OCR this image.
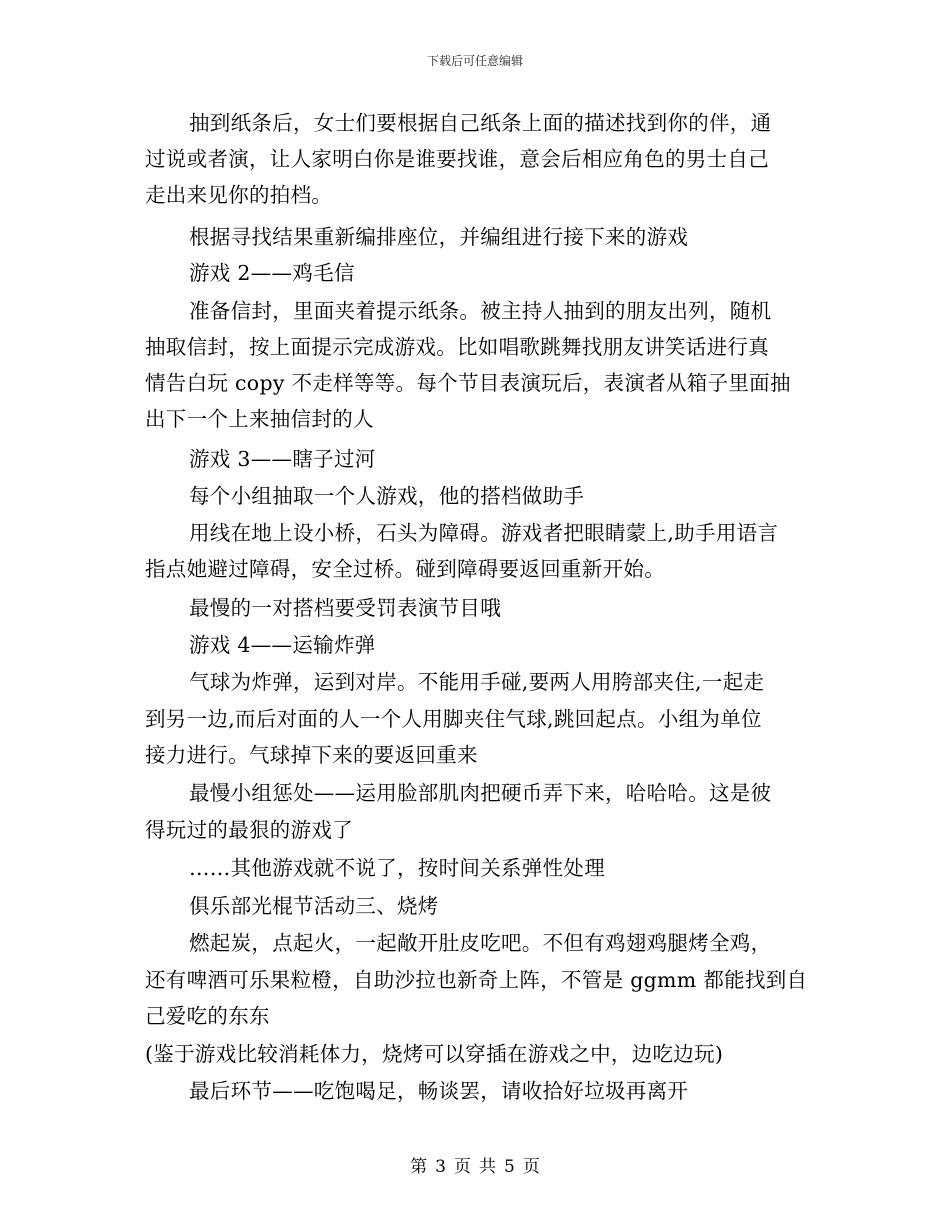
下载后可任意编辑
抽到纸条后，女士们要根据自己纸条上面的描述找到你的伴，通
过说或者演，让人家明白你是谁要找谁，意会后相应角色的男士自己
走出来见你的拍档。
根据寻找结果重新编排座位，并编组进行接下来的游戏
游戏 2——鸡毛信
准备信封，里面夹着提示纸条。被主持人抽到的朋友出列，随机
抽取信封，按上面提示完成游戏。比如唱歌跳舞找朋友讲笑话进行真
情告白玩 copy 不走样等等。每个节目表演玩后，表演者从箱子里面抽
出下一个上来抽信封的人
游戏 3——瞎子过河
每个小组抽取一个人游戏，他的搭档做助手
用线在地上设小桥，石头为障碍。游戏者把眼睛蒙上,助手用语言
指点她避过障碍，安全过桥。碰到障碍要返回重新开始。
最慢的一对搭档要受罚表演节目哦
游戏 4——运输炸弹
气球为炸弹，运到对岸。不能用手碰,要两人用胯部夹住,一起走
到另一边,而后对面的人一个人用脚夹住气球,跳回起点。小组为单位
接力进行。气球掉下来的要返回重来
最慢小组惩处——运用脸部肌肉把硬币弄下来，哈哈哈。这是彼
得玩过的最狠的游戏了
……其他游戏就不说了，按时间关系弹性处理
俱乐部光棍节活动三、烧烤
燃起炭，点起火，一起敞开肚皮吃吧。不但有鸡翅鸡腿烤全鸡，
还有啤酒可乐果粒橙，自助沙拉也新奇上阵，不管是 ggmm 都能找到自
己爱吃的东东
(鉴于游戏比较消耗体力，烧烤可以穿插在游戏之中，边吃边玩)
最后环节——吃饱喝足，畅谈罢，请收拾好垃圾再离开
第 3 页 共 5 页
